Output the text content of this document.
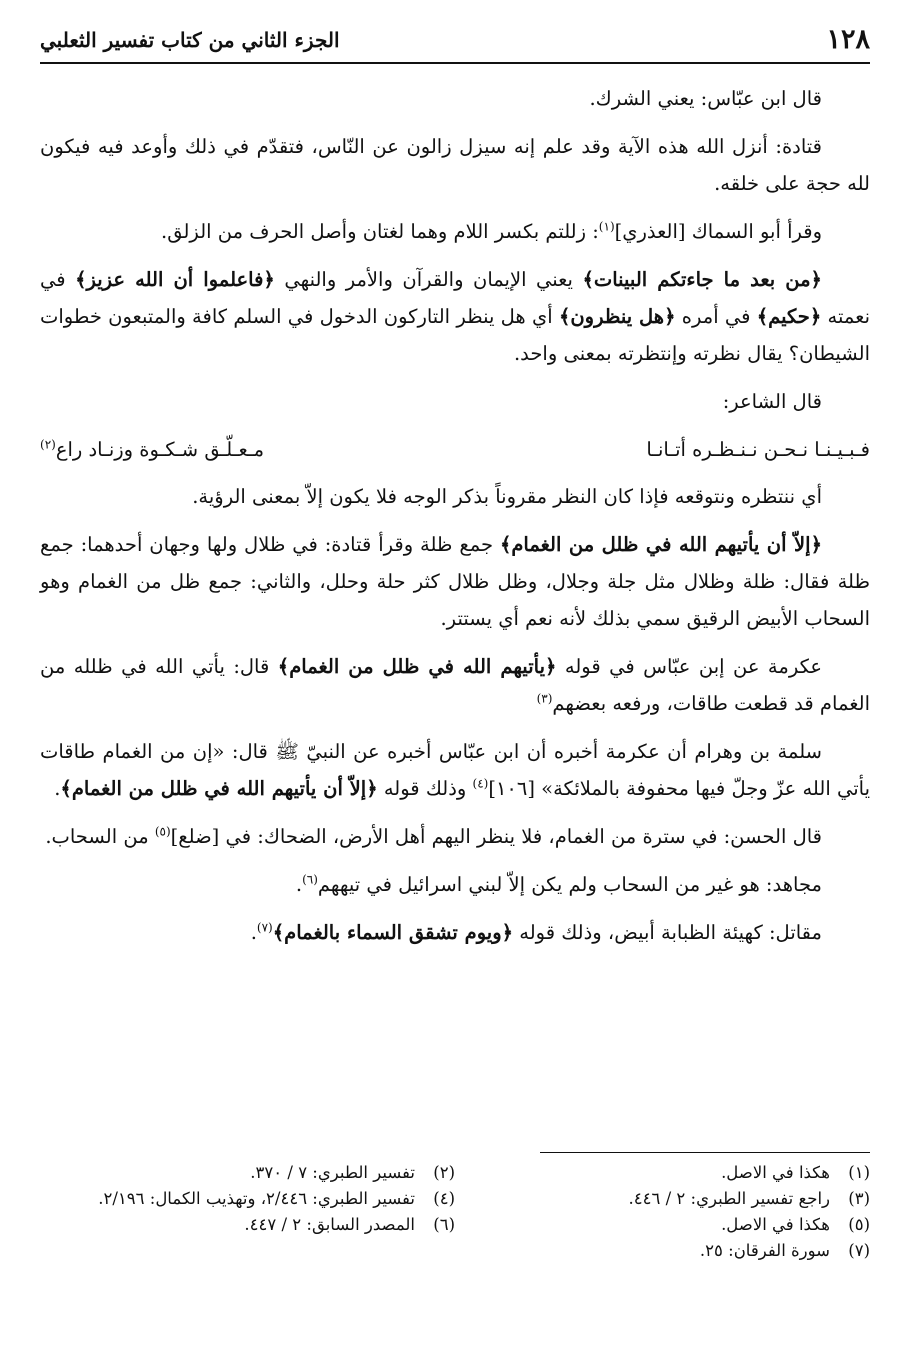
١٢٨
الجزء الثاني من كتاب تفسير الثعلبي
قال ابن عبّاس: يعني الشرك.
قتادة: أنزل الله هذه الآية وقد علم إنه سيزل زالون عن النّاس، فتقدّم في ذلك وأوعد فيه فيكون لله حجة على خلقه.
وقرأ أبو السماك [العذري]$^{(١)}$: زللتم بكسر اللام وهما لغتان وأصل الحرف من الزلق.
﴿من بعد ما جاءتكم البينات﴾ يعني الإيمان والقرآن والأمر والنهي ﴿فاعلموا أن الله عزيز﴾ في نعمته ﴿حكيم﴾ في أمره ﴿هل ينظرون﴾ أي هل ينظر التاركون الدخول في السلم كافة والمتبعون خطوات الشيطان؟ يقال نظرته وإنتظرته بمعنى واحد.
قال الشاعر:
فـبـيـنـا نـحـن نـنـظـره أتـانـا
مـعـلّـق شـكـوة وزنـاد راع$^{(٢)}$
أي ننتظره ونتوقعه فإذا كان النظر مقروناً بذكر الوجه فلا يكون إلاّ بمعنى الرؤية.
﴿إلاّ أن يأتيهم الله في ظلل من الغمام﴾ جمع ظلة وقرأ قتادة: في ظلال ولها وجهان أحدهما: جمع ظلة فقال: ظلة وظلال مثل جلة وجلال، وظل ظلال كثر حلة وحلل، والثاني: جمع ظل من الغمام وهو السحاب الأبيض الرقيق سمي بذلك لأنه نعم أي يستتر.
عكرمة عن إبن عبّاس في قوله ﴿يأتيهم الله في ظلل من الغمام﴾ قال: يأتي الله في ظلله من الغمام قد قطعت طاقات، ورفعه بعضهم$^{(٣)}$
سلمة بن وهرام أن عكرمة أخبره أن ابن عبّاس أخبره عن النبيّ ﷺ قال: «إن من الغمام طاقات يأتي الله عزّ وجلّ فيها محفوفة بالملائكة» [١٠٦]$^{(٤)}$ وذلك قوله ﴿إلاّ أن يأتيهم الله في ظلل من الغمام﴾.
قال الحسن: في سترة من الغمام، فلا ينظر اليهم أهل الأرض، الضحاك: في [ضلع]$^{(٥)}$ من السحاب.
مجاهد: هو غير من السحاب ولم يكن إلاّ لبني اسرائيل في تيههم$^{(٦)}$.
مقاتل: كهيئة الظبابة أبيض، وذلك قوله ﴿ويوم تشقق السماء بالغمام﴾$^{(٧)}$.
(١)
هكذا في الاصل.
(٢)
تفسير الطبري: ٧ / ٣٧٠.
(٣)
راجع تفسير الطبري: ٢ / ٤٤٦.
(٤)
تفسير الطبري: ٢/٤٤٦، وتهذيب الكمال: ٢/١٩٦.
(٥)
هكذا في الاصل.
(٦)
المصدر السابق: ٢ / ٤٤٧.
(٧)
سورة الفرقان: ٢٥.
